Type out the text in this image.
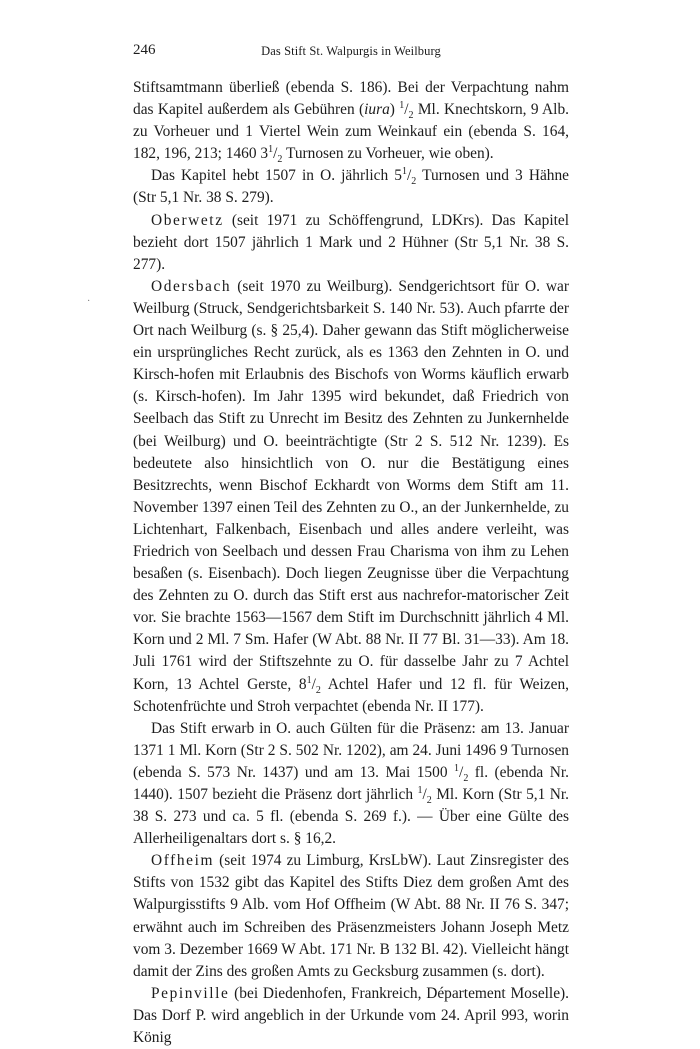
246	Das Stift St. Walpurgis in Weilburg
·

Stiftsamtmann überließ (ebenda S. 186). Bei der Verpachtung nahm das Kapitel außerdem als Gebühren (iura) $^1/_2$ Ml. Knechtskorn, 9 Alb. zu Vorheuer und 1 Viertel Wein zum Weinkauf ein (ebenda S. 164, 182, 196, 213; 1460 $3^1/_2$ Turnosen zu Vorheuer, wie oben).

Das Kapitel hebt 1507 in O. jährlich $5^1/_2$ Turnosen und 3 Hähne (Str 5,1 Nr. 38 S. 279).

Oberwetz (seit 1971 zu Schöffengrund, LDKrs). Das Kapitel bezieht dort 1507 jährlich 1 Mark und 2 Hühner (Str 5,1 Nr. 38 S. 277).

Odersbach (seit 1970 zu Weilburg). Sendgerichtsort für O. war Weilburg (Struck, Sendgerichtsbarkeit S. 140 Nr. 53). Auch pfarrte der Ort nach Weilburg (s. § 25,4). Daher gewann das Stift möglicherweise ein ursprüngliches Recht zurück, als es 1363 den Zehnten in O. und Kirsch-hofen mit Erlaubnis des Bischofs von Worms käuflich erwarb (s. Kirsch-hofen). Im Jahr 1395 wird bekundet, daß Friedrich von Seelbach das Stift zu Unrecht im Besitz des Zehnten zu Junkernhelde (bei Weilburg) und O. beeinträchtigte (Str 2 S. 512 Nr. 1239). Es bedeutete also hinsichtlich von O. nur die Bestätigung eines Besitzrechts, wenn Bischof Eckhardt von Worms dem Stift am 11. November 1397 einen Teil des Zehnten zu O., an der Junkernhelde, zu Lichtenhart, Falkenbach, Eisenbach und alles andere verleiht, was Friedrich von Seelbach und dessen Frau Charisma von ihm zu Lehen besaßen (s. Eisenbach). Doch liegen Zeugnisse über die Verpachtung des Zehnten zu O. durch das Stift erst aus nachrefor-matorischer Zeit vor. Sie brachte 1563—1567 dem Stift im Durchschnitt jährlich 4 Ml. Korn und 2 Ml. 7 Sm. Hafer (W Abt. 88 Nr. II 77 Bl. 31—33). Am 18. Juli 1761 wird der Stiftszehnte zu O. für dasselbe Jahr zu 7 Achtel Korn, 13 Achtel Gerste, $8^1/_2$ Achtel Hafer und 12 fl. für Weizen, Schotenfrüchte und Stroh verpachtet (ebenda Nr. II 177).

Das Stift erwarb in O. auch Gülten für die Präsenz: am 13. Januar 1371 1 Ml. Korn (Str 2 S. 502 Nr. 1202), am 24. Juni 1496 9 Turnosen (ebenda S. 573 Nr. 1437) und am 13. Mai 1500 $^1/_2$ fl. (ebenda Nr. 1440). 1507 bezieht die Präsenz dort jährlich $^1/_2$ Ml. Korn (Str 5,1 Nr. 38 S. 273 und ca. 5 fl. (ebenda S. 269 f.). — Über eine Gülte des Allerheiligenaltars dort s. § 16,2.

Offheim (seit 1974 zu Limburg, KrsLbW). Laut Zinsregister des Stifts von 1532 gibt das Kapitel des Stifts Diez dem großen Amt des Walpurgisstifts 9 Alb. vom Hof Offheim (W Abt. 88 Nr. II 76 S. 347; erwähnt auch im Schreiben des Präsenzmeisters Johann Joseph Metz vom 3. Dezember 1669 W Abt. 171 Nr. B 132 Bl. 42). Vielleicht hängt damit der Zins des großen Amts zu Gecksburg zusammen (s. dort).

Pepinville (bei Diedenhofen, Frankreich, Département Moselle). Das Dorf P. wird angeblich in der Urkunde vom 24. April 993, worin König
